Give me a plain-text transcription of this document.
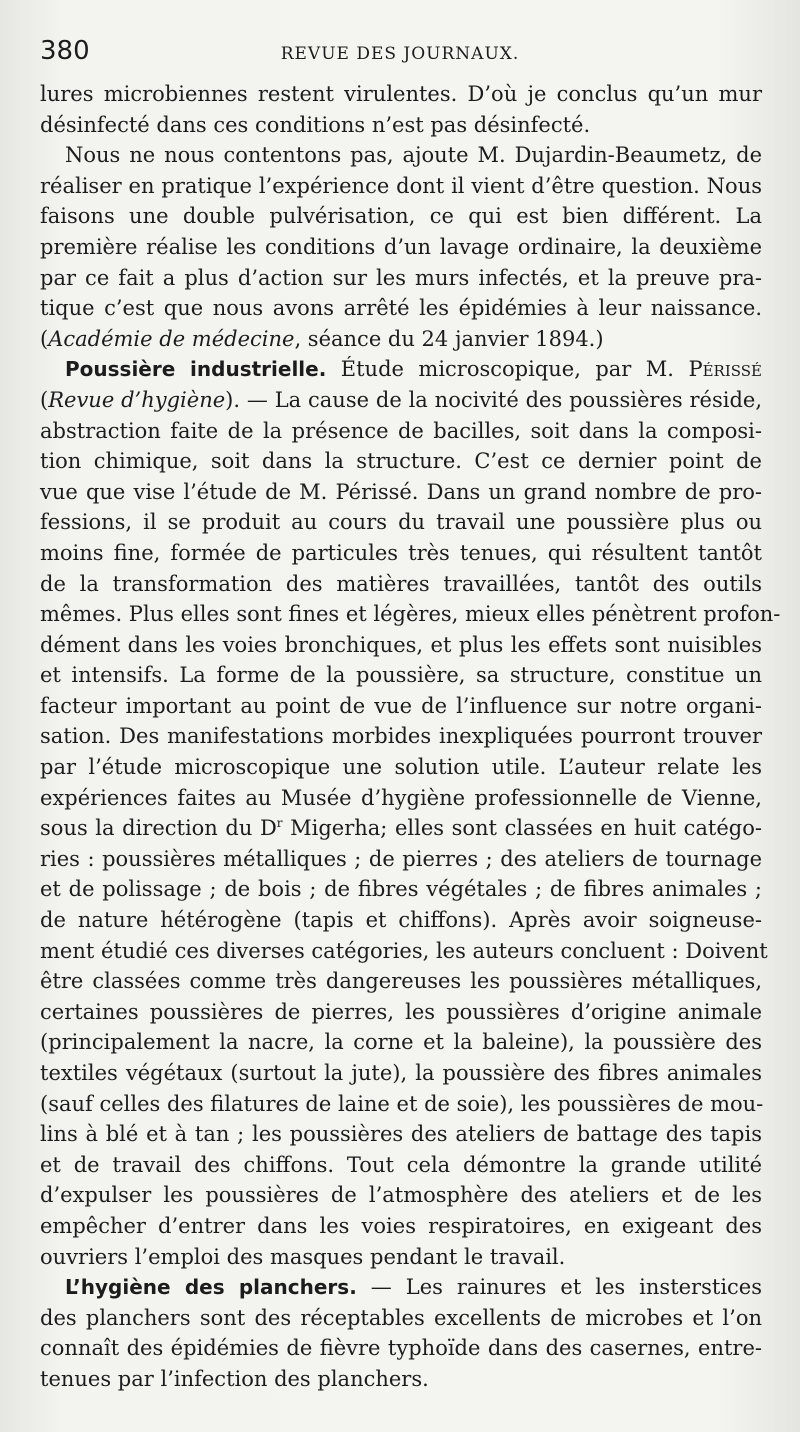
380	REVUE DES JOURNAUX.
lures microbiennes restent virulentes. D’où je conclus qu’un mur
désinfecté dans ces conditions n’est pas désinfecté.
Nous ne nous contentons pas, ajoute M. Dujardin-Beaumetz, de
réaliser en pratique l’expérience dont il vient d’être question. Nous
faisons une double pulvérisation, ce qui est bien différent. La
première réalise les conditions d’un lavage ordinaire, la deuxième
par ce fait a plus d’action sur les murs infectés, et la preuve pra-
tique c’est que nous avons arrêté les épidémies à leur naissance.
(Académie de médecine, séance du 24 janvier 1894.)
Poussière industrielle. Étude microscopique, par M. Périssé
(Revue d’hygiène). — La cause de la nocivité des poussières réside,
abstraction faite de la présence de bacilles, soit dans la composi-
tion chimique, soit dans la structure. C’est ce dernier point de
vue que vise l’étude de M. Périssé. Dans un grand nombre de pro-
fessions, il se produit au cours du travail une poussière plus ou
moins fine, formée de particules très tenues, qui résultent tantôt
de la transformation des matières travaillées, tantôt des outils
mêmes. Plus elles sont fines et légères, mieux elles pénètrent profon-
dément dans les voies bronchiques, et plus les effets sont nuisibles
et intensifs. La forme de la poussière, sa structure, constitue un
facteur important au point de vue de l’influence sur notre organi-
sation. Des manifestations morbides inexpliquées pourront trouver
par l’étude microscopique une solution utile. L’auteur relate les
expériences faites au Musée d’hygiène professionnelle de Vienne,
sous la direction du $D^r$ Migerha; elles sont classées en huit catégo-
ries : poussières métalliques ; de pierres ; des ateliers de tournage
et de polissage ; de bois ; de fibres végétales ; de fibres animales ;
de nature hétérogène (tapis et chiffons). Après avoir soigneuse-
ment étudié ces diverses catégories, les auteurs concluent : Doivent
être classées comme très dangereuses les poussières métalliques,
certaines poussières de pierres, les poussières d’origine animale
(principalement la nacre, la corne et la baleine), la poussière des
textiles végétaux (surtout la jute), la poussière des fibres animales
(sauf celles des filatures de laine et de soie), les poussières de mou-
lins à blé et à tan ; les poussières des ateliers de battage des tapis
et de travail des chiffons. Tout cela démontre la grande utilité
d’expulser les poussières de l’atmosphère des ateliers et de les
empêcher d’entrer dans les voies respiratoires, en exigeant des
ouvriers l’emploi des masques pendant le travail.
L’hygiène des planchers. — Les rainures et les insterstices
des planchers sont des réceptables excellents de microbes et l’on
connaît des épidémies de fièvre typhoïde dans des casernes, entre-
tenues par l’infection des planchers.
